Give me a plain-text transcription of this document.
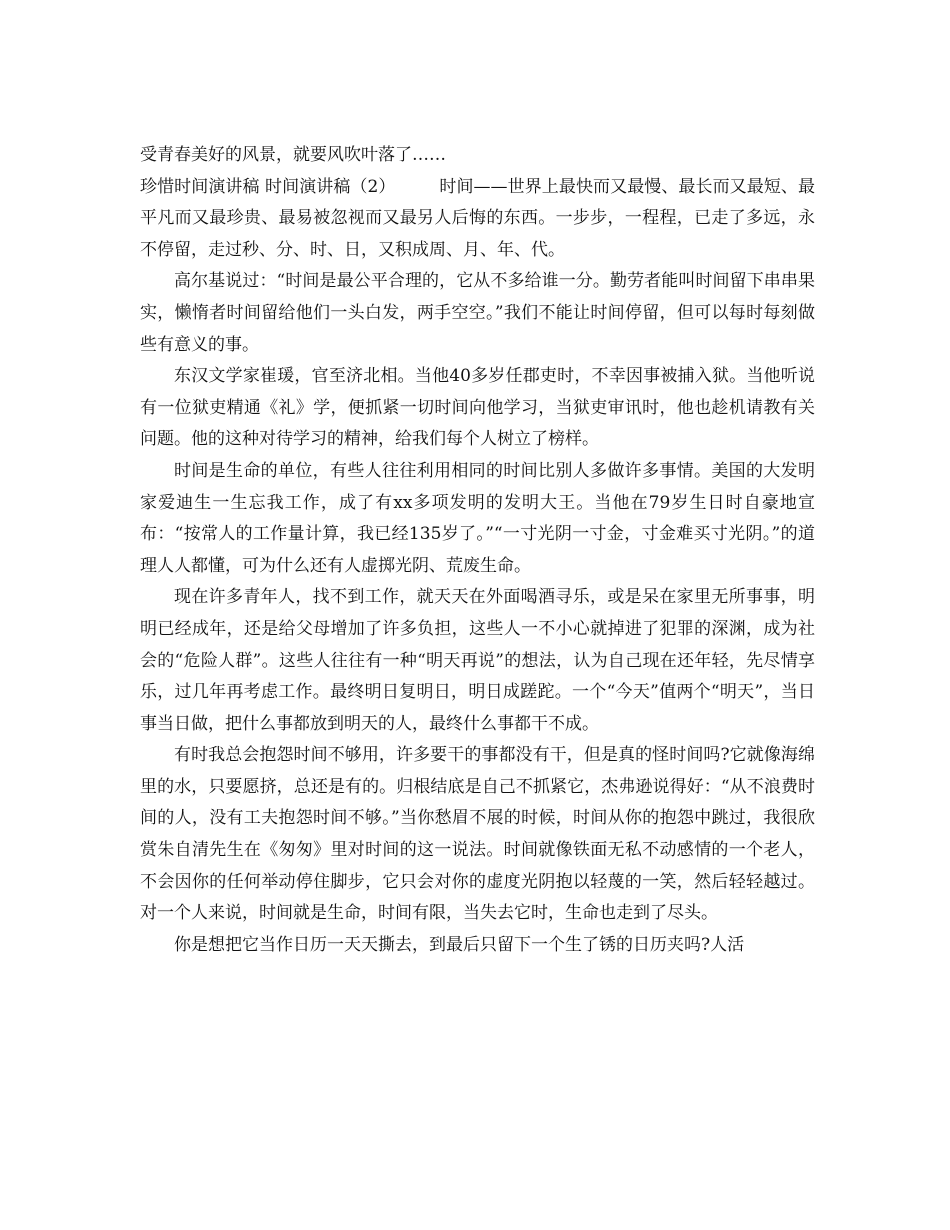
受青春美好的风景，就要风吹叶落了……

珍惜时间演讲稿 时间演讲稿（2）        时间——世界上最快而又最慢、最长而又最短、最平凡而又最珍贵、最易被忽视而又最另人后悔的东西。一步步，一程程，已走了多远，永不停留，走过秒、分、时、日，又积成周、月、年、代。

高尔基说过：“时间是最公平合理的，它从不多给谁一分。勤劳者能叫时间留下串串果实，懒惰者时间留给他们一头白发，两手空空。”我们不能让时间停留，但可以每时每刻做些有意义的事。

东汉文学家崔瑗，官至济北相。当他40多岁任郡吏时，不幸因事被捕入狱。当他听说有一位狱吏精通《礼》学，便抓紧一切时间向他学习，当狱吏审讯时，他也趁机请教有关问题。他的这种对待学习的精神，给我们每个人树立了榜样。

时间是生命的单位，有些人往往利用相同的时间比别人多做许多事情。美国的大发明家爱迪生一生忘我工作，成了有xx多项发明的发明大王。当他在79岁生日时自豪地宣布：“按常人的工作量计算，我已经135岁了。”“一寸光阴一寸金，寸金难买寸光阴。”的道理人人都懂，可为什么还有人虚掷光阴、荒废生命。

现在许多青年人，找不到工作，就天天在外面喝酒寻乐，或是呆在家里无所事事，明明已经成年，还是给父母增加了许多负担，这些人一不小心就掉进了犯罪的深渊，成为社会的“危险人群”。这些人往往有一种“明天再说”的想法，认为自己现在还年轻，先尽情享乐，过几年再考虑工作。最终明日复明日，明日成蹉跎。一个“今天”值两个“明天”，当日事当日做，把什么事都放到明天的人，最终什么事都干不成。

有时我总会抱怨时间不够用，许多要干的事都没有干，但是真的怪时间吗?它就像海绵里的水，只要愿挤，总还是有的。归根结底是自己不抓紧它，杰弗逊说得好：“从不浪费时间的人，没有工夫抱怨时间不够。”当你愁眉不展的时候，时间从你的抱怨中跳过，我很欣赏朱自清先生在《匆匆》里对时间的这一说法。时间就像铁面无私不动感情的一个老人，不会因你的任何举动停住脚步，它只会对你的虚度光阴抱以轻蔑的一笑，然后轻轻越过。对一个人来说，时间就是生命，时间有限，当失去它时，生命也走到了尽头。

你是想把它当作日历一天天撕去，到最后只留下一个生了锈的日历夹吗?人活
